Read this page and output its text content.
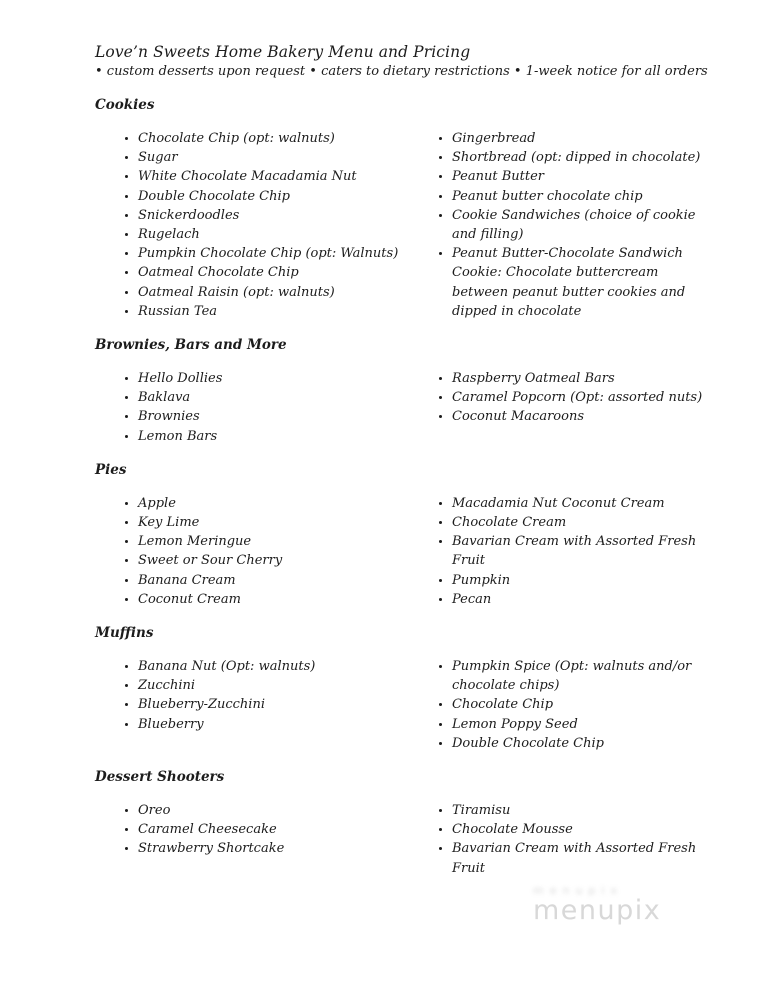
Love’n Sweets Home Bakery Menu and Pricing

• custom desserts upon request • caters to dietary restrictions • 1-week notice for all orders

Cookies
• Chocolate Chip (opt: walnuts)
• Sugar
• White Chocolate Macadamia Nut
• Double Chocolate Chip
• Snickerdoodles
• Rugelach
• Pumpkin Chocolate Chip (opt: Walnuts)
• Oatmeal Chocolate Chip
• Oatmeal Raisin (opt: walnuts)
• Russian Tea
• Gingerbread
• Shortbread (opt: dipped in chocolate)
• Peanut Butter
• Peanut butter chocolate chip
• Cookie Sandwiches (choice of cookie and filling)
• Peanut Butter-Chocolate Sandwich Cookie: Chocolate buttercream between peanut butter cookies and dipped in chocolate
Brownies, Bars and More
• Hello Dollies
• Baklava
• Brownies
• Lemon Bars
• Raspberry Oatmeal Bars
• Caramel Popcorn (Opt: assorted nuts)
• Coconut Macaroons
Pies
• Apple
• Key Lime
• Lemon Meringue
• Sweet or Sour Cherry
• Banana Cream
• Coconut Cream
• Macadamia Nut Coconut Cream
• Chocolate Cream
• Bavarian Cream with Assorted Fresh Fruit
• Pumpkin
• Pecan
Muffins
• Banana Nut (Opt: walnuts)
• Zucchini
• Blueberry-Zucchini
• Blueberry
• Pumpkin Spice (Opt: walnuts and/or chocolate chips)
• Chocolate Chip
• Lemon Poppy Seed
• Double Chocolate Chip
Dessert Shooters
• Oreo
• Caramel Cheesecake
• Strawberry Shortcake
• Tiramisu
• Chocolate Mousse
• Bavarian Cream with Assorted Fresh Fruit
menupix
menupix
